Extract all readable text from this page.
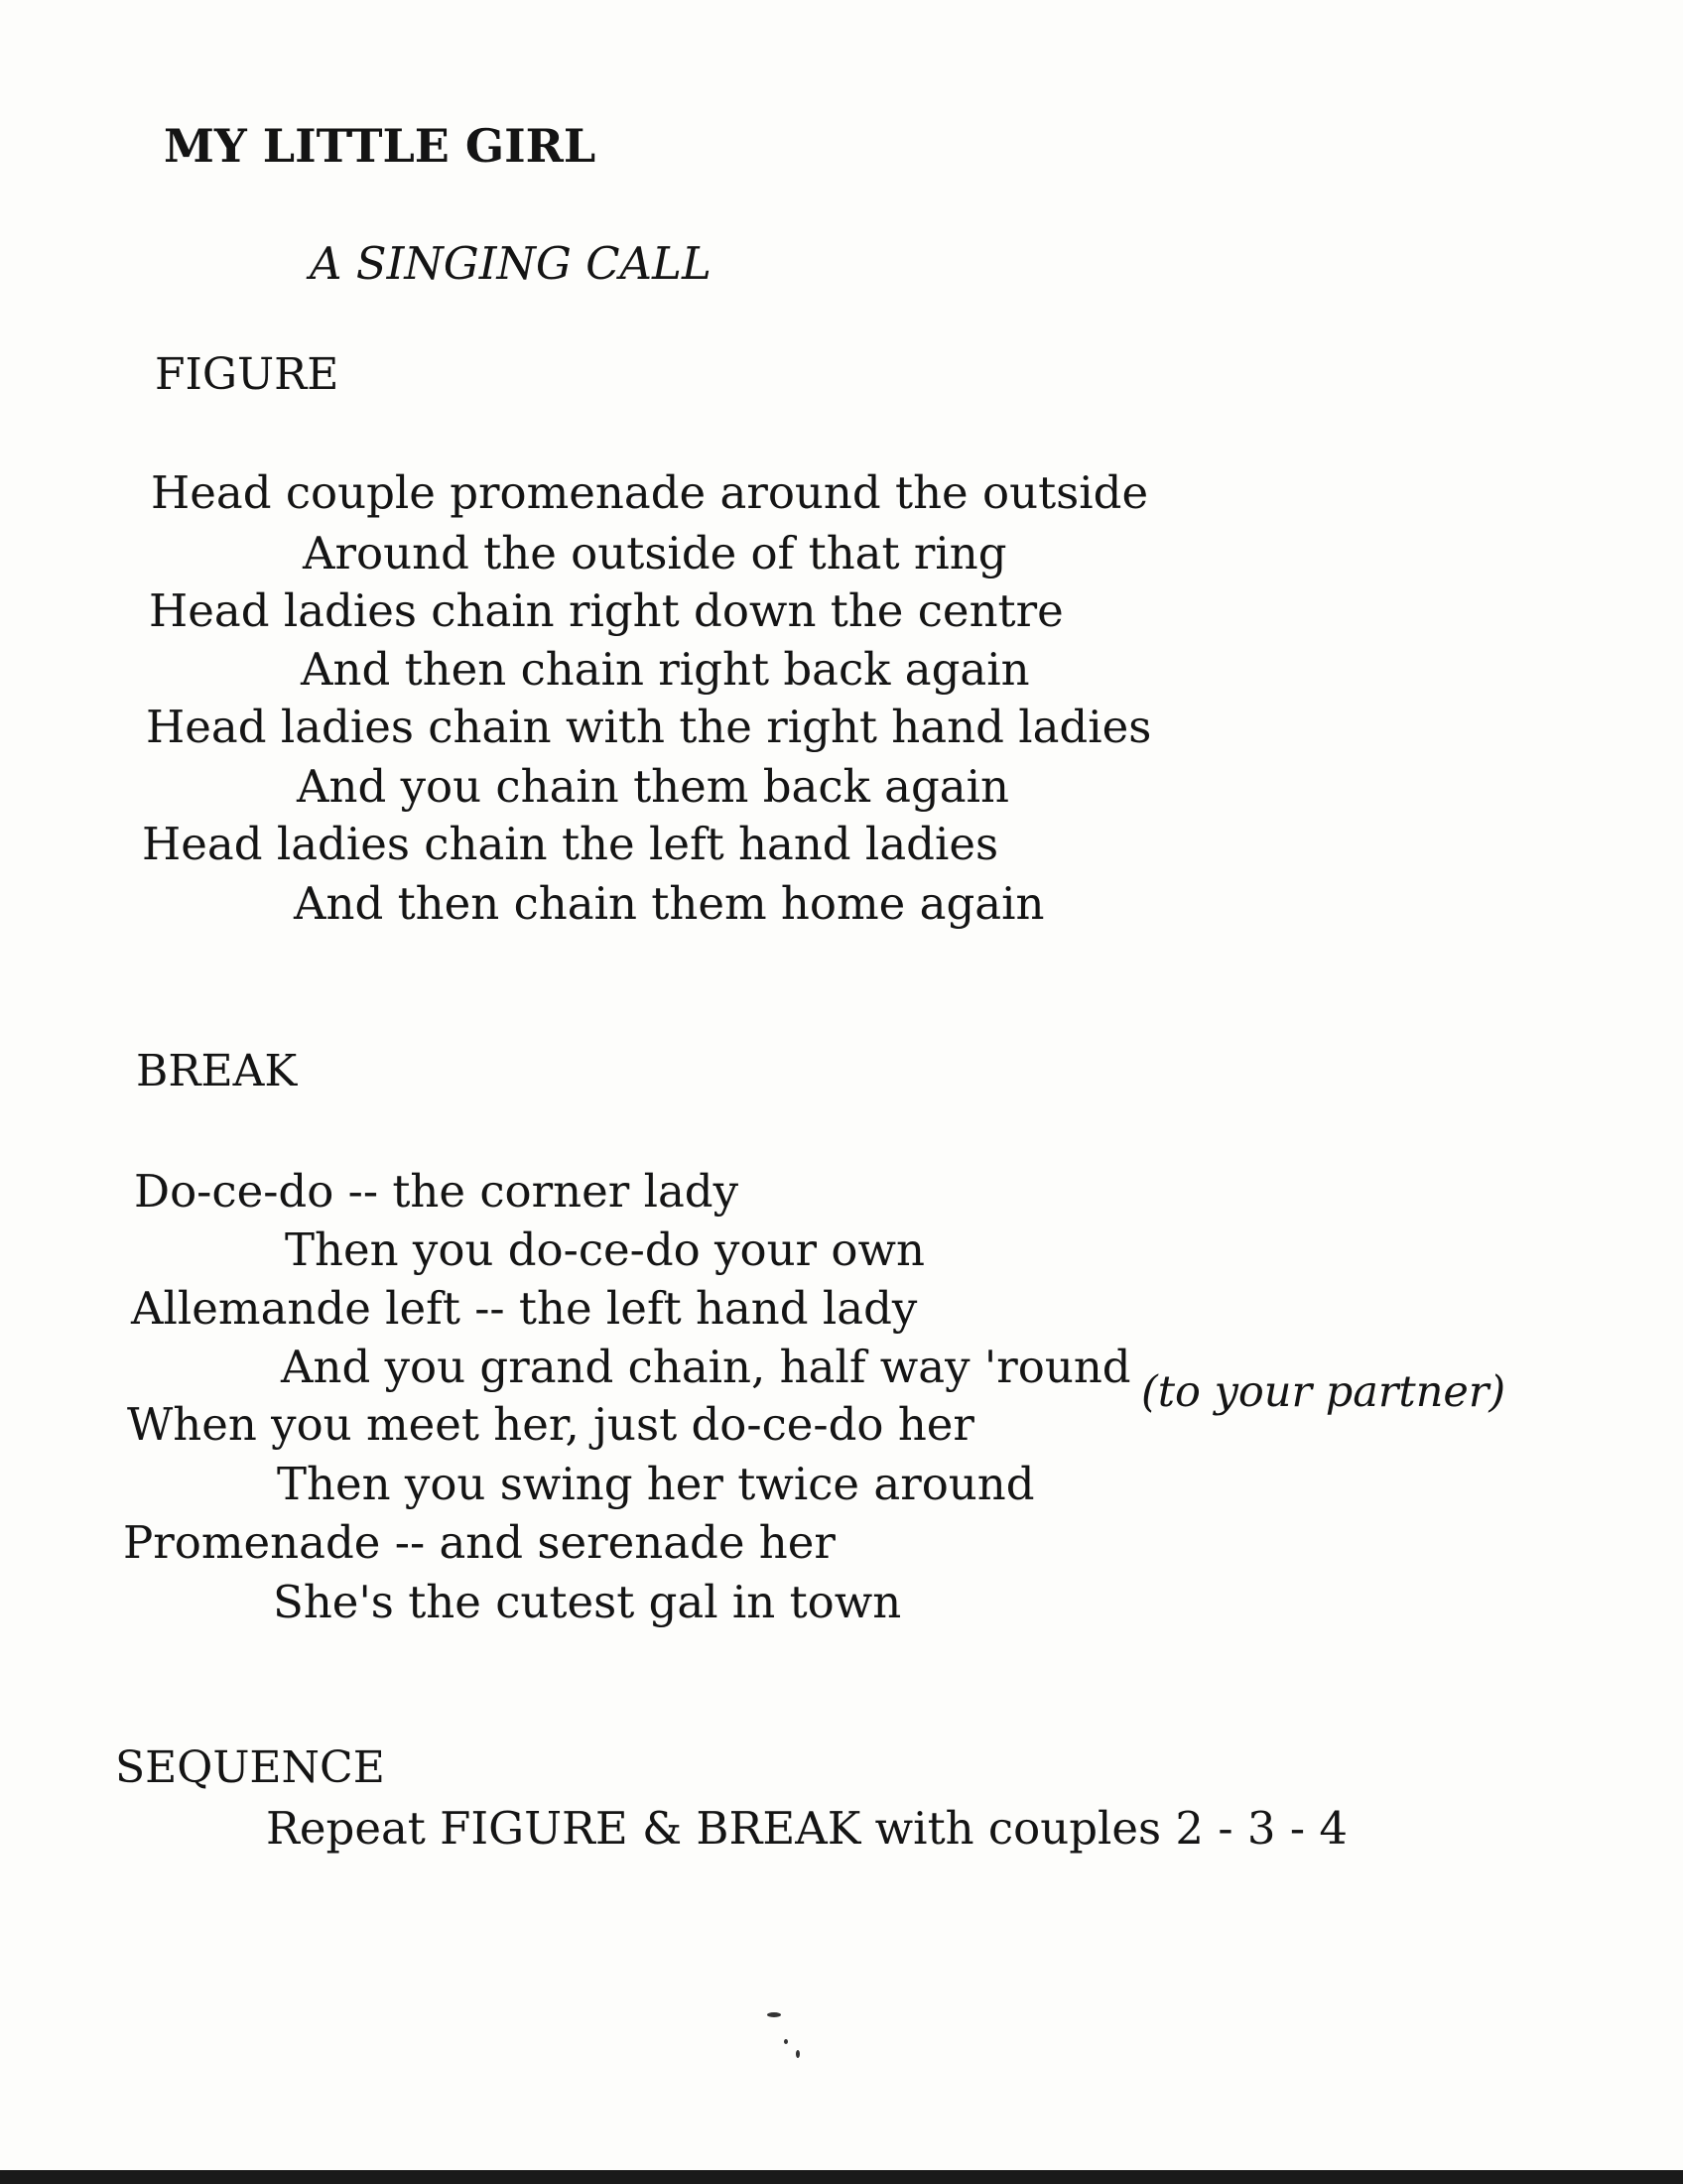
MY LITTLE GIRL
A SINGING CALL
FIGURE
Head couple promenade around the outside
Around the outside of that ring
Head ladies chain right down the centre
And then chain right back again
Head ladies chain with the right hand ladies
And you chain them back again
Head ladies chain the left hand ladies
And then chain them home again
BREAK
Do-ce-do -- the corner lady
Then you do-ce-do your own
Allemande left -- the left hand lady
And you grand chain, half way 'round (to your partner)
When you meet her, just do-ce-do her
Then you swing her twice around
Promenade -- and serenade her
She's the cutest gal in town
SEQUENCE
Repeat FIGURE & BREAK with couples 2 - 3 - 4
